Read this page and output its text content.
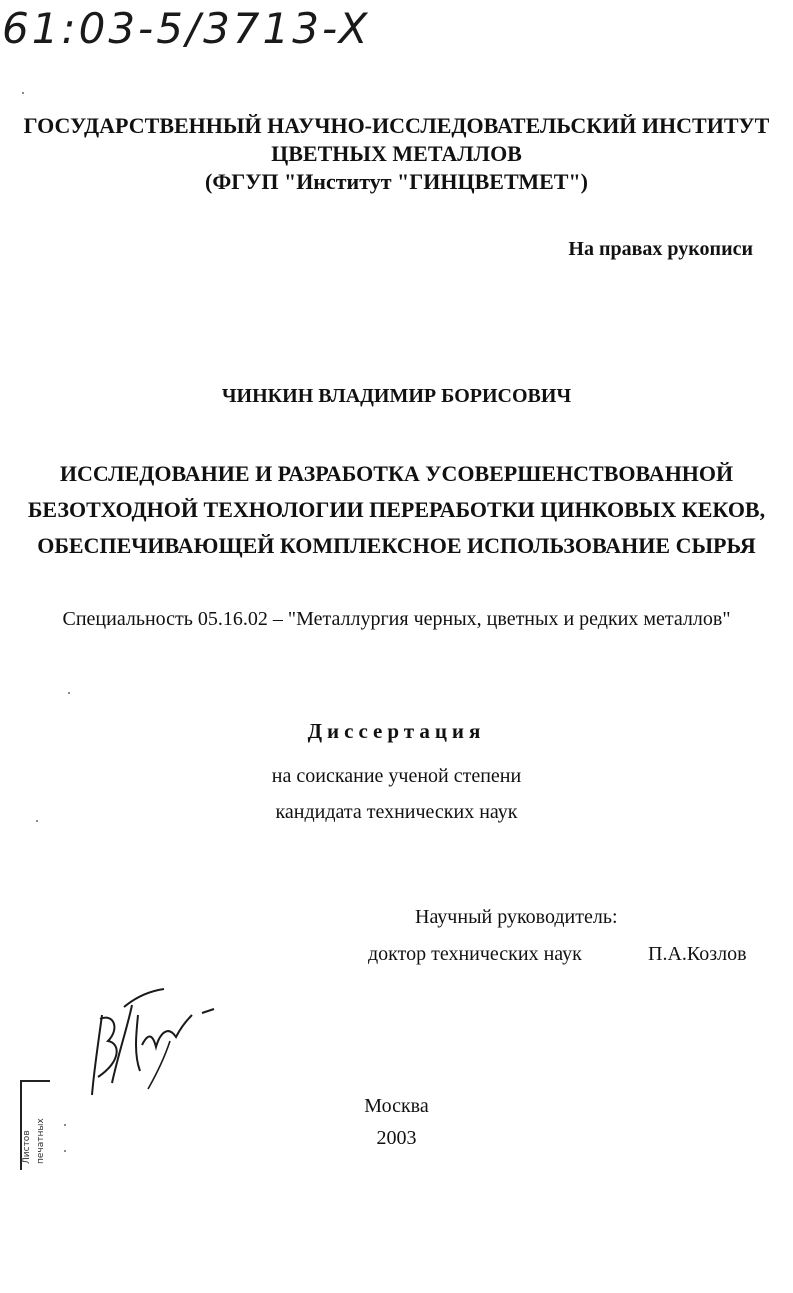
61:03-5/3713-X
ГОСУДАРСТВЕННЫЙ НАУЧНО-ИССЛЕДОВАТЕЛЬСКИЙ ИНСТИТУТ
ЦВЕТНЫХ МЕТАЛЛОВ
(ФГУП "Институт "ГИНЦВЕТМЕТ")
На правах рукописи
ЧИНКИН ВЛАДИМИР БОРИСОВИЧ
ИССЛЕДОВАНИЕ И РАЗРАБОТКА УСОВЕРШЕНСТВОВАННОЙ
БЕЗОТХОДНОЙ ТЕХНОЛОГИИ ПЕРЕРАБОТКИ ЦИНКОВЫХ КЕКОВ,
ОБЕСПЕЧИВАЮЩЕЙ КОМПЛЕКСНОЕ ИСПОЛЬЗОВАНИЕ СЫРЬЯ
Специальность 05.16.02 – "Металлургия черных, цветных и редких металлов"
Диссертация
на соискание ученой степени
кандидата технических наук
Научный руководитель:
доктор технических наук	П.А.Козлов
Москва
2003
Листов печатных
